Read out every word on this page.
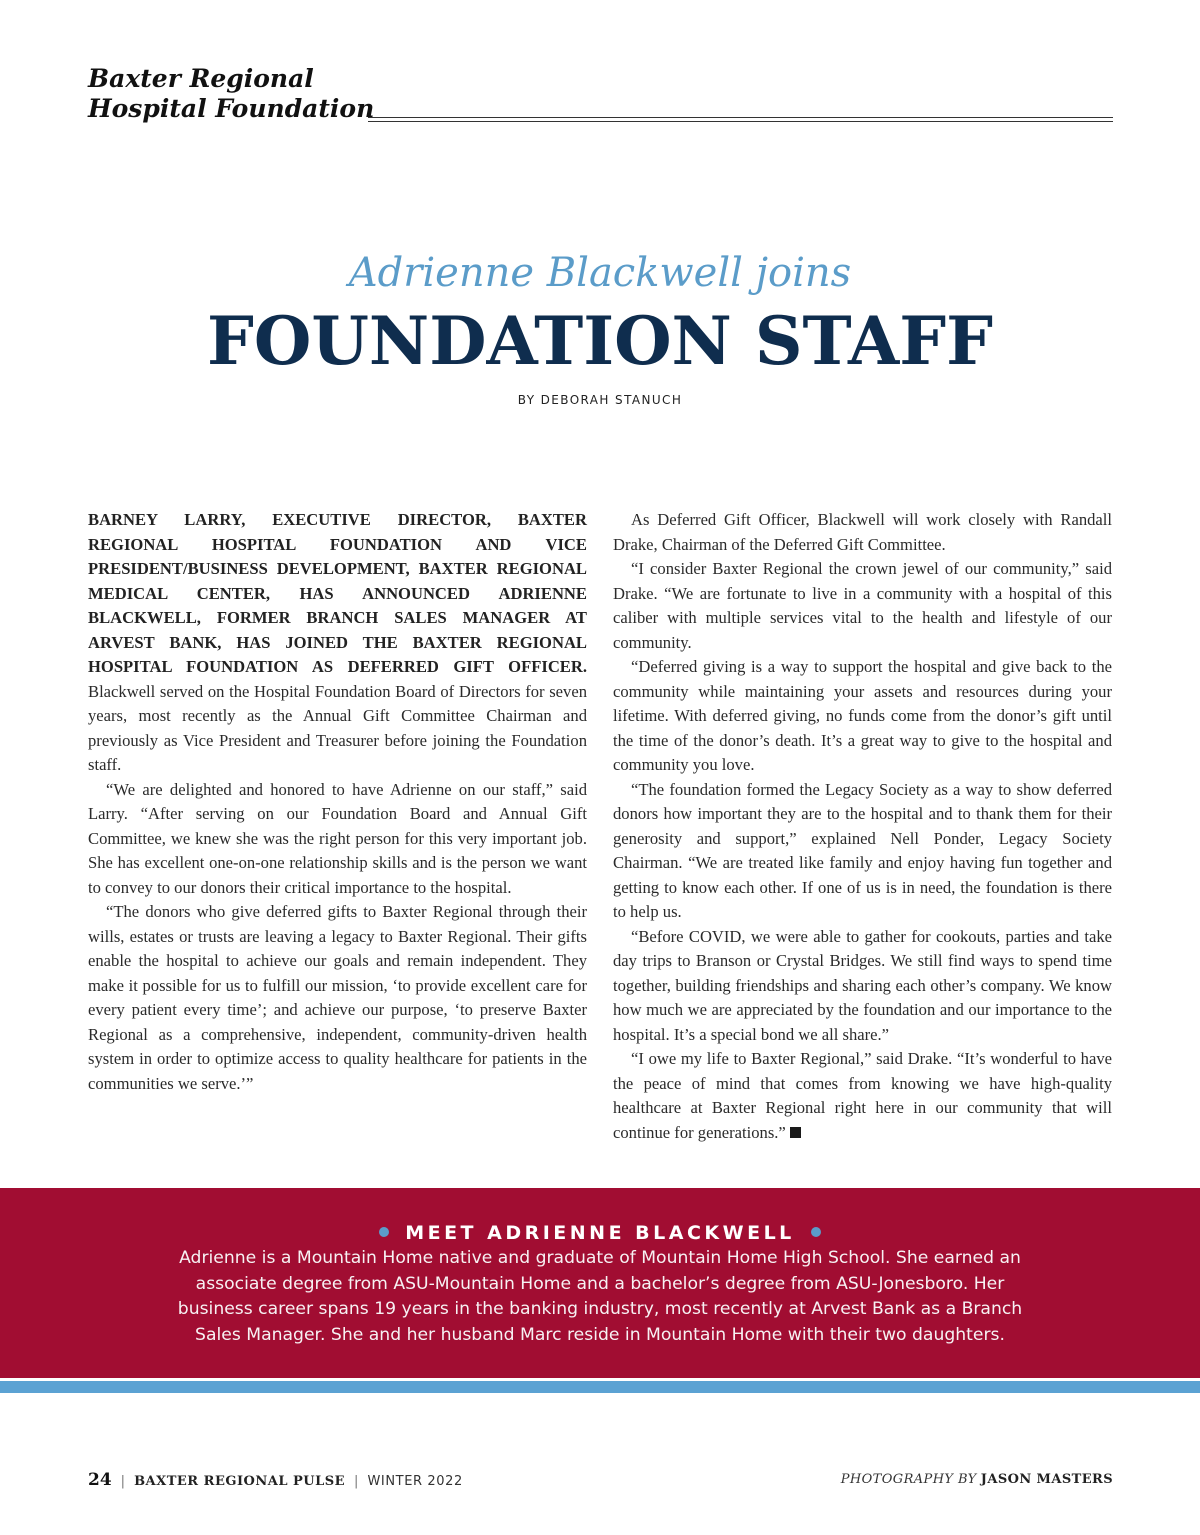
Baxter Regional
Hospital Foundation
Adrienne Blackwell joins
FOUNDATION STAFF
BY DEBORAH STANUCH

BARNEY LARRY, EXECUTIVE DIRECTOR, BAXTER REGIONAL HOSPITAL FOUNDATION AND VICE PRESIDENT/BUSINESS DEVELOPMENT, BAXTER REGIONAL MEDICAL CENTER, HAS ANNOUNCED ADRIENNE BLACKWELL, FORMER BRANCH SALES MANAGER AT ARVEST BANK, HAS JOINED THE BAXTER REGIONAL HOSPITAL FOUNDATION AS DEFERRED GIFT OFFICER. Blackwell served on the Hospital Foundation Board of Directors for seven years, most recently as the Annual Gift Committee Chairman and previously as Vice President and Treasurer before joining the Foundation staff.

“We are delighted and honored to have Adrienne on our staff,” said Larry. “After serving on our Foundation Board and Annual Gift Committee, we knew she was the right person for this very important job. She has excellent one-on-one relationship skills and is the person we want to convey to our donors their critical importance to the hospital.

“The donors who give deferred gifts to Baxter Regional through their wills, estates or trusts are leaving a legacy to Baxter Regional. Their gifts enable the hospital to achieve our goals and remain independent. They make it possible for us to fulfill our mission, ‘to provide excellent care for every patient every time’; and achieve our purpose, ‘to preserve Baxter Regional as a comprehensive, independent, community-driven health system in order to optimize access to quality healthcare for patients in the communities we serve.’”

As Deferred Gift Officer, Blackwell will work closely with Randall Drake, Chairman of the Deferred Gift Committee.

“I consider Baxter Regional the crown jewel of our community,” said Drake. “We are fortunate to live in a community with a hospital of this caliber with multiple services vital to the health and lifestyle of our community.

“Deferred giving is a way to support the hospital and give back to the community while maintaining your assets and resources during your lifetime. With deferred giving, no funds come from the donor’s gift until the time of the donor’s death. It’s a great way to give to the hospital and community you love.

“The foundation formed the Legacy Society as a way to show deferred donors how important they are to the hospital and to thank them for their generosity and support,” explained Nell Ponder, Legacy Society Chairman. “We are treated like family and enjoy having fun together and getting to know each other. If one of us is in need, the foundation is there to help us.

“Before COVID, we were able to gather for cookouts, parties and take day trips to Branson or Crystal Bridges. We still find ways to spend time together, building friendships and sharing each other’s company. We know how much we are appreciated by the foundation and our importance to the hospital. It’s a special bond we all share.”

“I owe my life to Baxter Regional,” said Drake. “It’s wonderful to have the peace of mind that comes from knowing we have high-quality healthcare at Baxter Regional right here in our community that will continue for generations.”

MEET ADRIENNE BLACKWELL
Adrienne is a Mountain Home native and graduate of Mountain Home High School. She earned an associate degree from ASU-Mountain Home and a bachelor’s degree from ASU-Jonesboro. Her business career spans 19 years in the banking industry, most recently at Arvest Bank as a Branch Sales Manager. She and her husband Marc reside in Mountain Home with their two daughters.
24 | BAXTER REGIONAL PULSE | WINTER 2022	PHOTOGRAPHY BY JASON MASTERS
